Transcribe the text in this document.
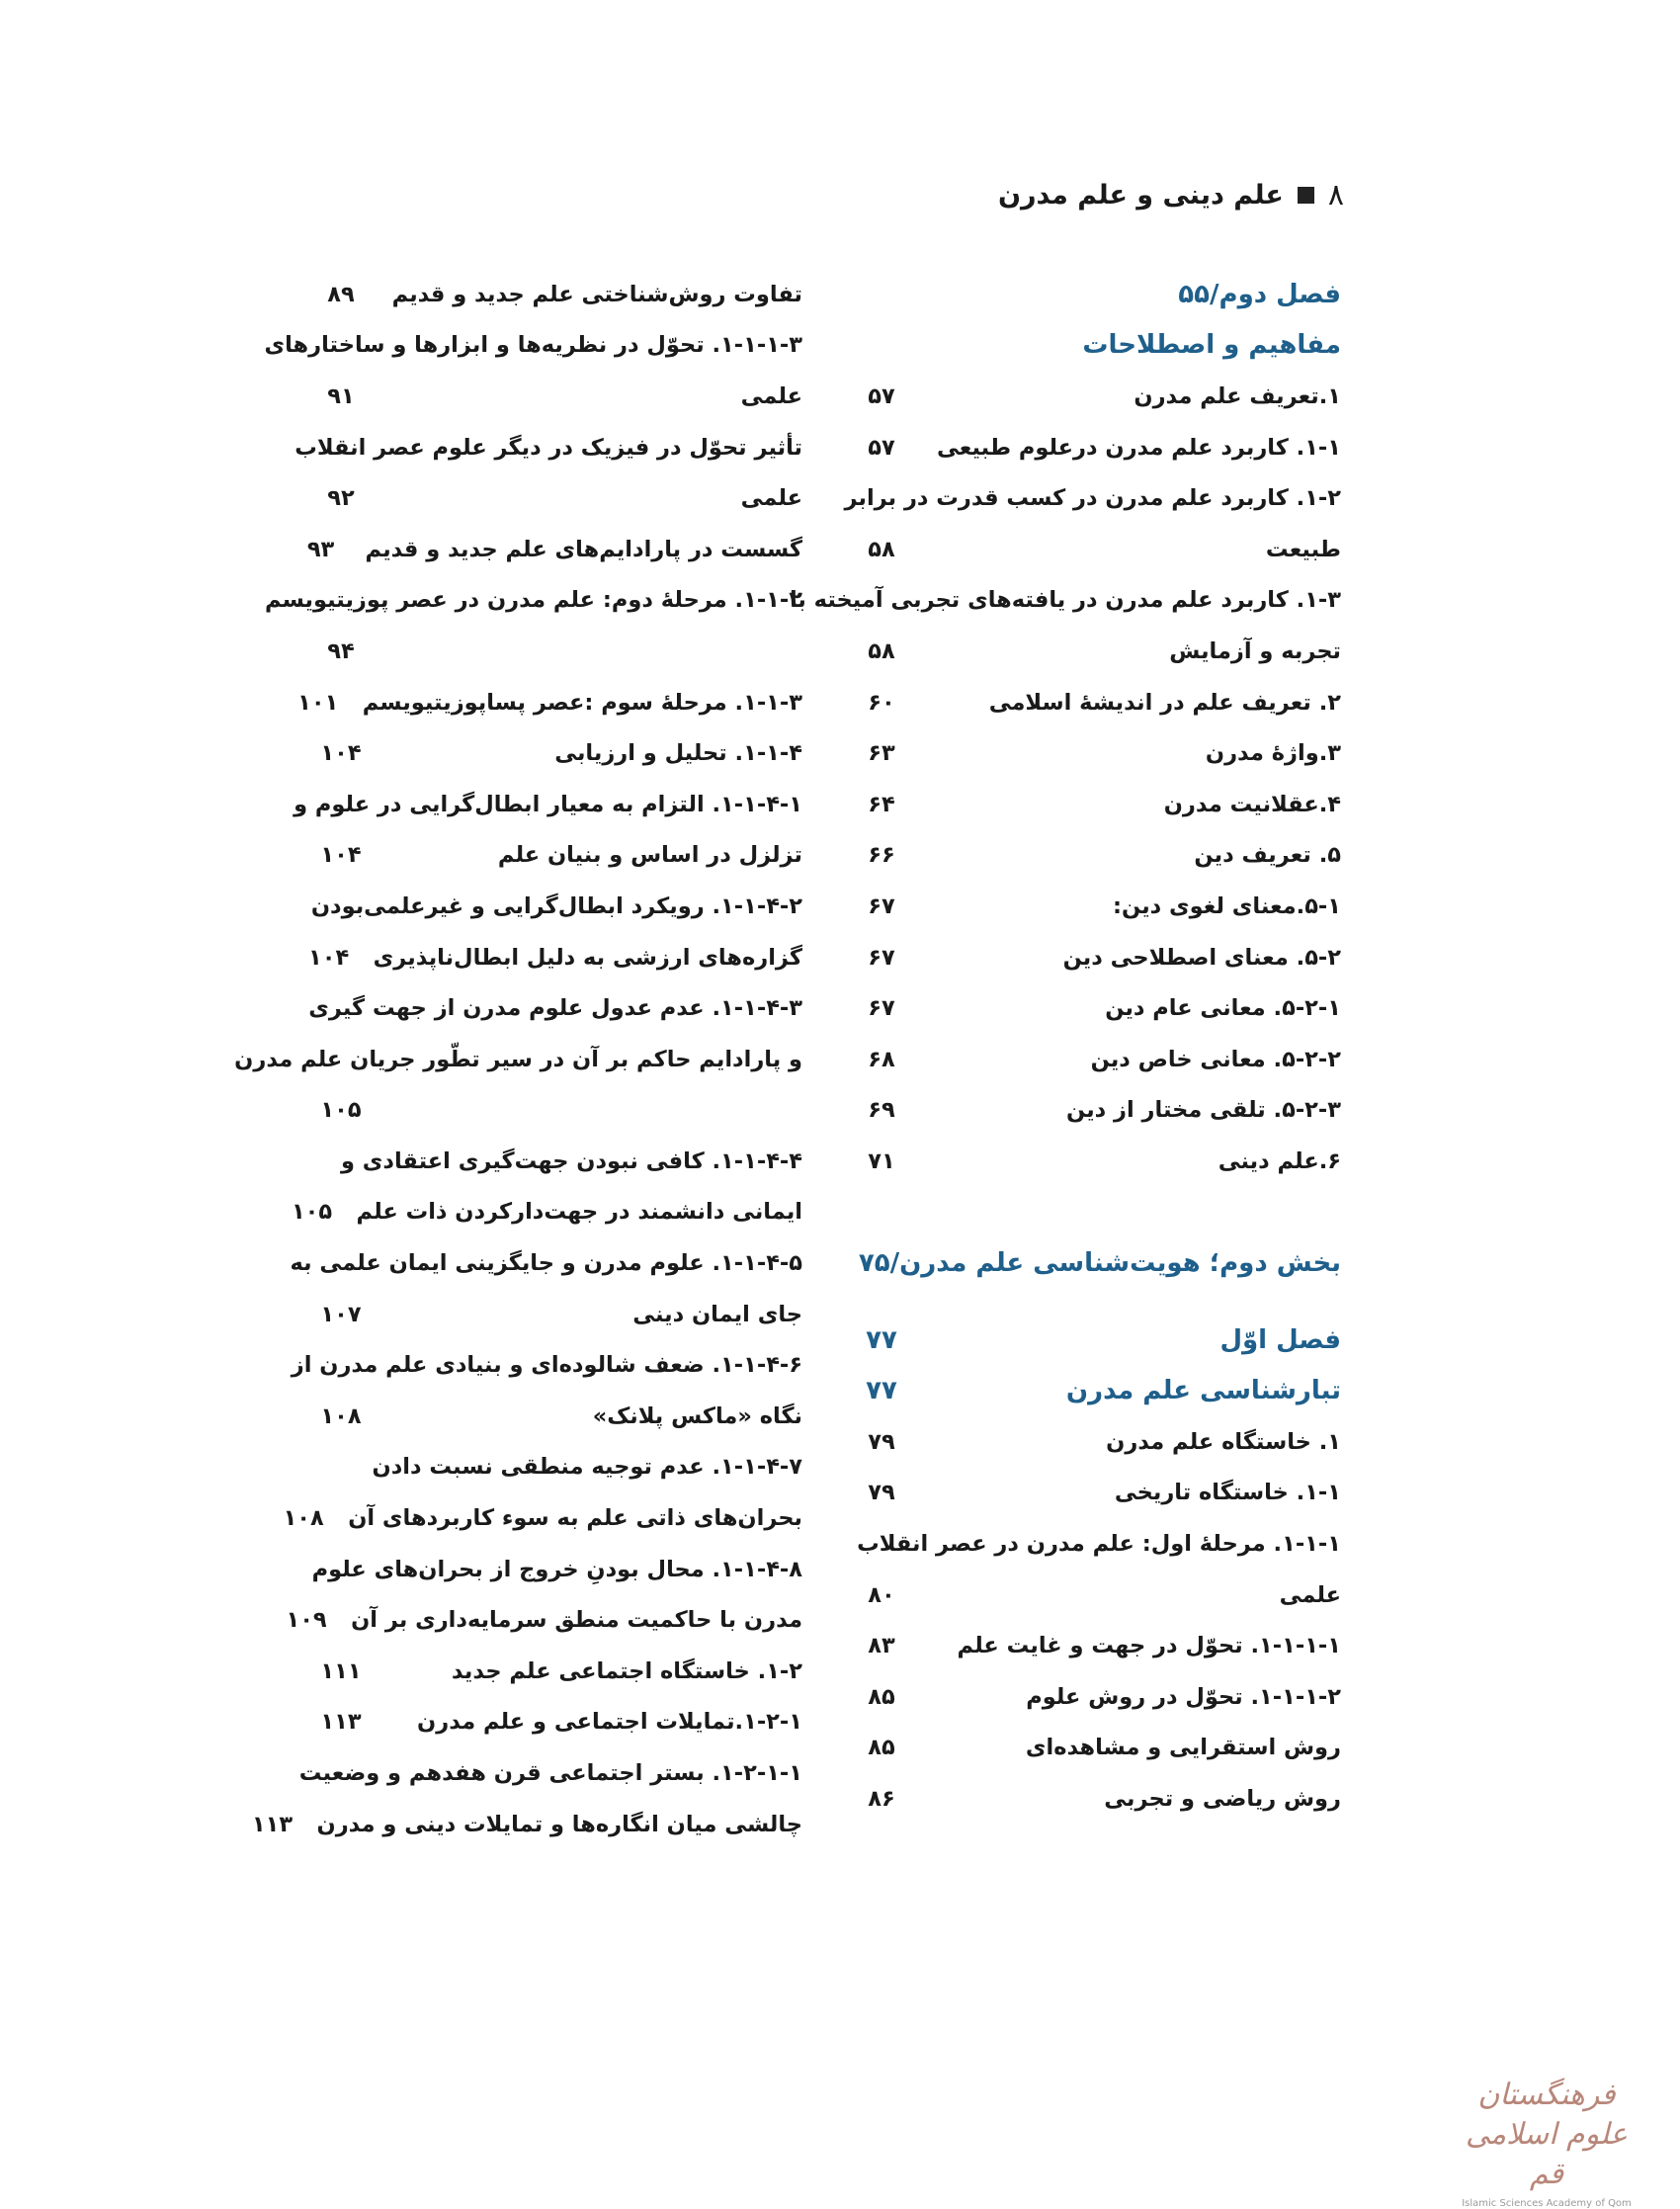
۸
علم دینی و علم مدرن
فصل دوم/۵۵
مفاهیم و اصطلاحات
۱.تعریف علم مدرن
۵۷
۱-۱. کاربرد علم مدرن درعلوم طبیعی
۵۷
۱-۲. کاربرد علم مدرن در کسب قدرت در برابر
طبیعت
۵۸
۱-۳. کاربرد علم مدرن در یافته‌های تجربی آمیخته با
تجربه و آزمایش
۵۸
۲. تعریف علم در اندیشهٔ اسلامی
۶۰
۳.واژهٔ مدرن
۶۳
۴.عقلانیت مدرن
۶۴
۵. تعریف دین
۶۶
۵-۱.معنای لغوی دین:
۶۷
۵-۲. معنای اصطلاحی دین
۶۷
۵-۲-۱. معانی عام دین
۶۷
۵-۲-۲. معانی خاص دین
۶۸
۵-۲-۳. تلقی مختار از دین
۶۹
۶.علم دینی
۷۱
بخش دوم؛ هویت‌شناسی علم مدرن/۷۵
فصل اوّل
۷۷
تبارشناسی علم مدرن
۷۷
۱. خاستگاه علم مدرن
۷۹
۱-۱. خاستگاه تاریخی
۷۹
۱-۱-۱. مرحلهٔ اول: علم مدرن در عصر انقلاب
علمی
۸۰
۱-۱-۱-۱. تحوّل در جهت و غایت علم
۸۳
۱-۱-۱-۲. تحوّل در روش علوم
۸۵
روش استقرایی و مشاهده‌ای
۸۵
روش ریاضی و تجربی
۸۶
تفاوت روش‌شناختی علم جدید و قدیم
۸۹
۱-۱-۱-۳. تحوّل در نظریه‌ها و ابزارها و ساختارهای
علمی
۹۱
تأثیر تحوّل در فیزیک در دیگر علوم عصر انقلاب
علمی
۹۲
گسست در پارادایم‌های علم جدید و قدیم
۹۳
۱-۱-۲. مرحلهٔ دوم: علم مدرن در عصر پوزیتیویسم
۹۴
۱-۱-۳. مرحلهٔ سوم :عصر پساپوزیتیویسم
۱۰۱
۱-۱-۴. تحلیل و ارزیابی
۱۰۴
۱-۱-۴-۱. التزام به معیار ابطال‌گرایی در علوم و
تزلزل در اساس و بنیان علم
۱۰۴
۱-۱-۴-۲. رویکرد ابطال‌گرایی و غیرعلمی‌بودن
گزاره‌های ارزشی به دلیل ابطال‌ناپذیری
۱۰۴
۱-۱-۴-۳. عدم عدول علوم مدرن از جهت گیری
و پارادایم حاکم بر آن در سیر تطّور جریان علم مدرن
۱۰۵
۱-۱-۴-۴. کافی نبودن جهت‌گیری اعتقادی و
ایمانی دانشمند در جهت‌دارکردن ذات علم
۱۰۵
۱-۱-۴-۵. علوم مدرن و جایگزینی ایمان علمی به
جای ایمان دینی
۱۰۷
۱-۱-۴-۶. ضعف شالوده‌ای و بنیادی علم مدرن از
نگاه «ماکس پلانک»
۱۰۸
۱-۱-۴-۷. عدم توجیه منطقی نسبت دادن
بحران‌های ذاتی علم به سوء کاربردهای آن
۱۰۸
۱-۱-۴-۸. محال بودنِ خروج از بحران‌های علوم
مدرن با حاکمیت منطق سرمایه‌داری بر آن
۱۰۹
۱-۲. خاستگاه اجتماعی علم جدید
۱۱۱
۱-۲-۱.تمایلات اجتماعی و علم مدرن
۱۱۳
۱-۲-۱-۱. بستر اجتماعی قرن هفدهم و وضعیت
چالشی میان انگارەها و تمایلات دینی و مدرن
۱۱۳
فرهنگستان علوم اسلامی قم
Islamic Sciences Academy of Qom
